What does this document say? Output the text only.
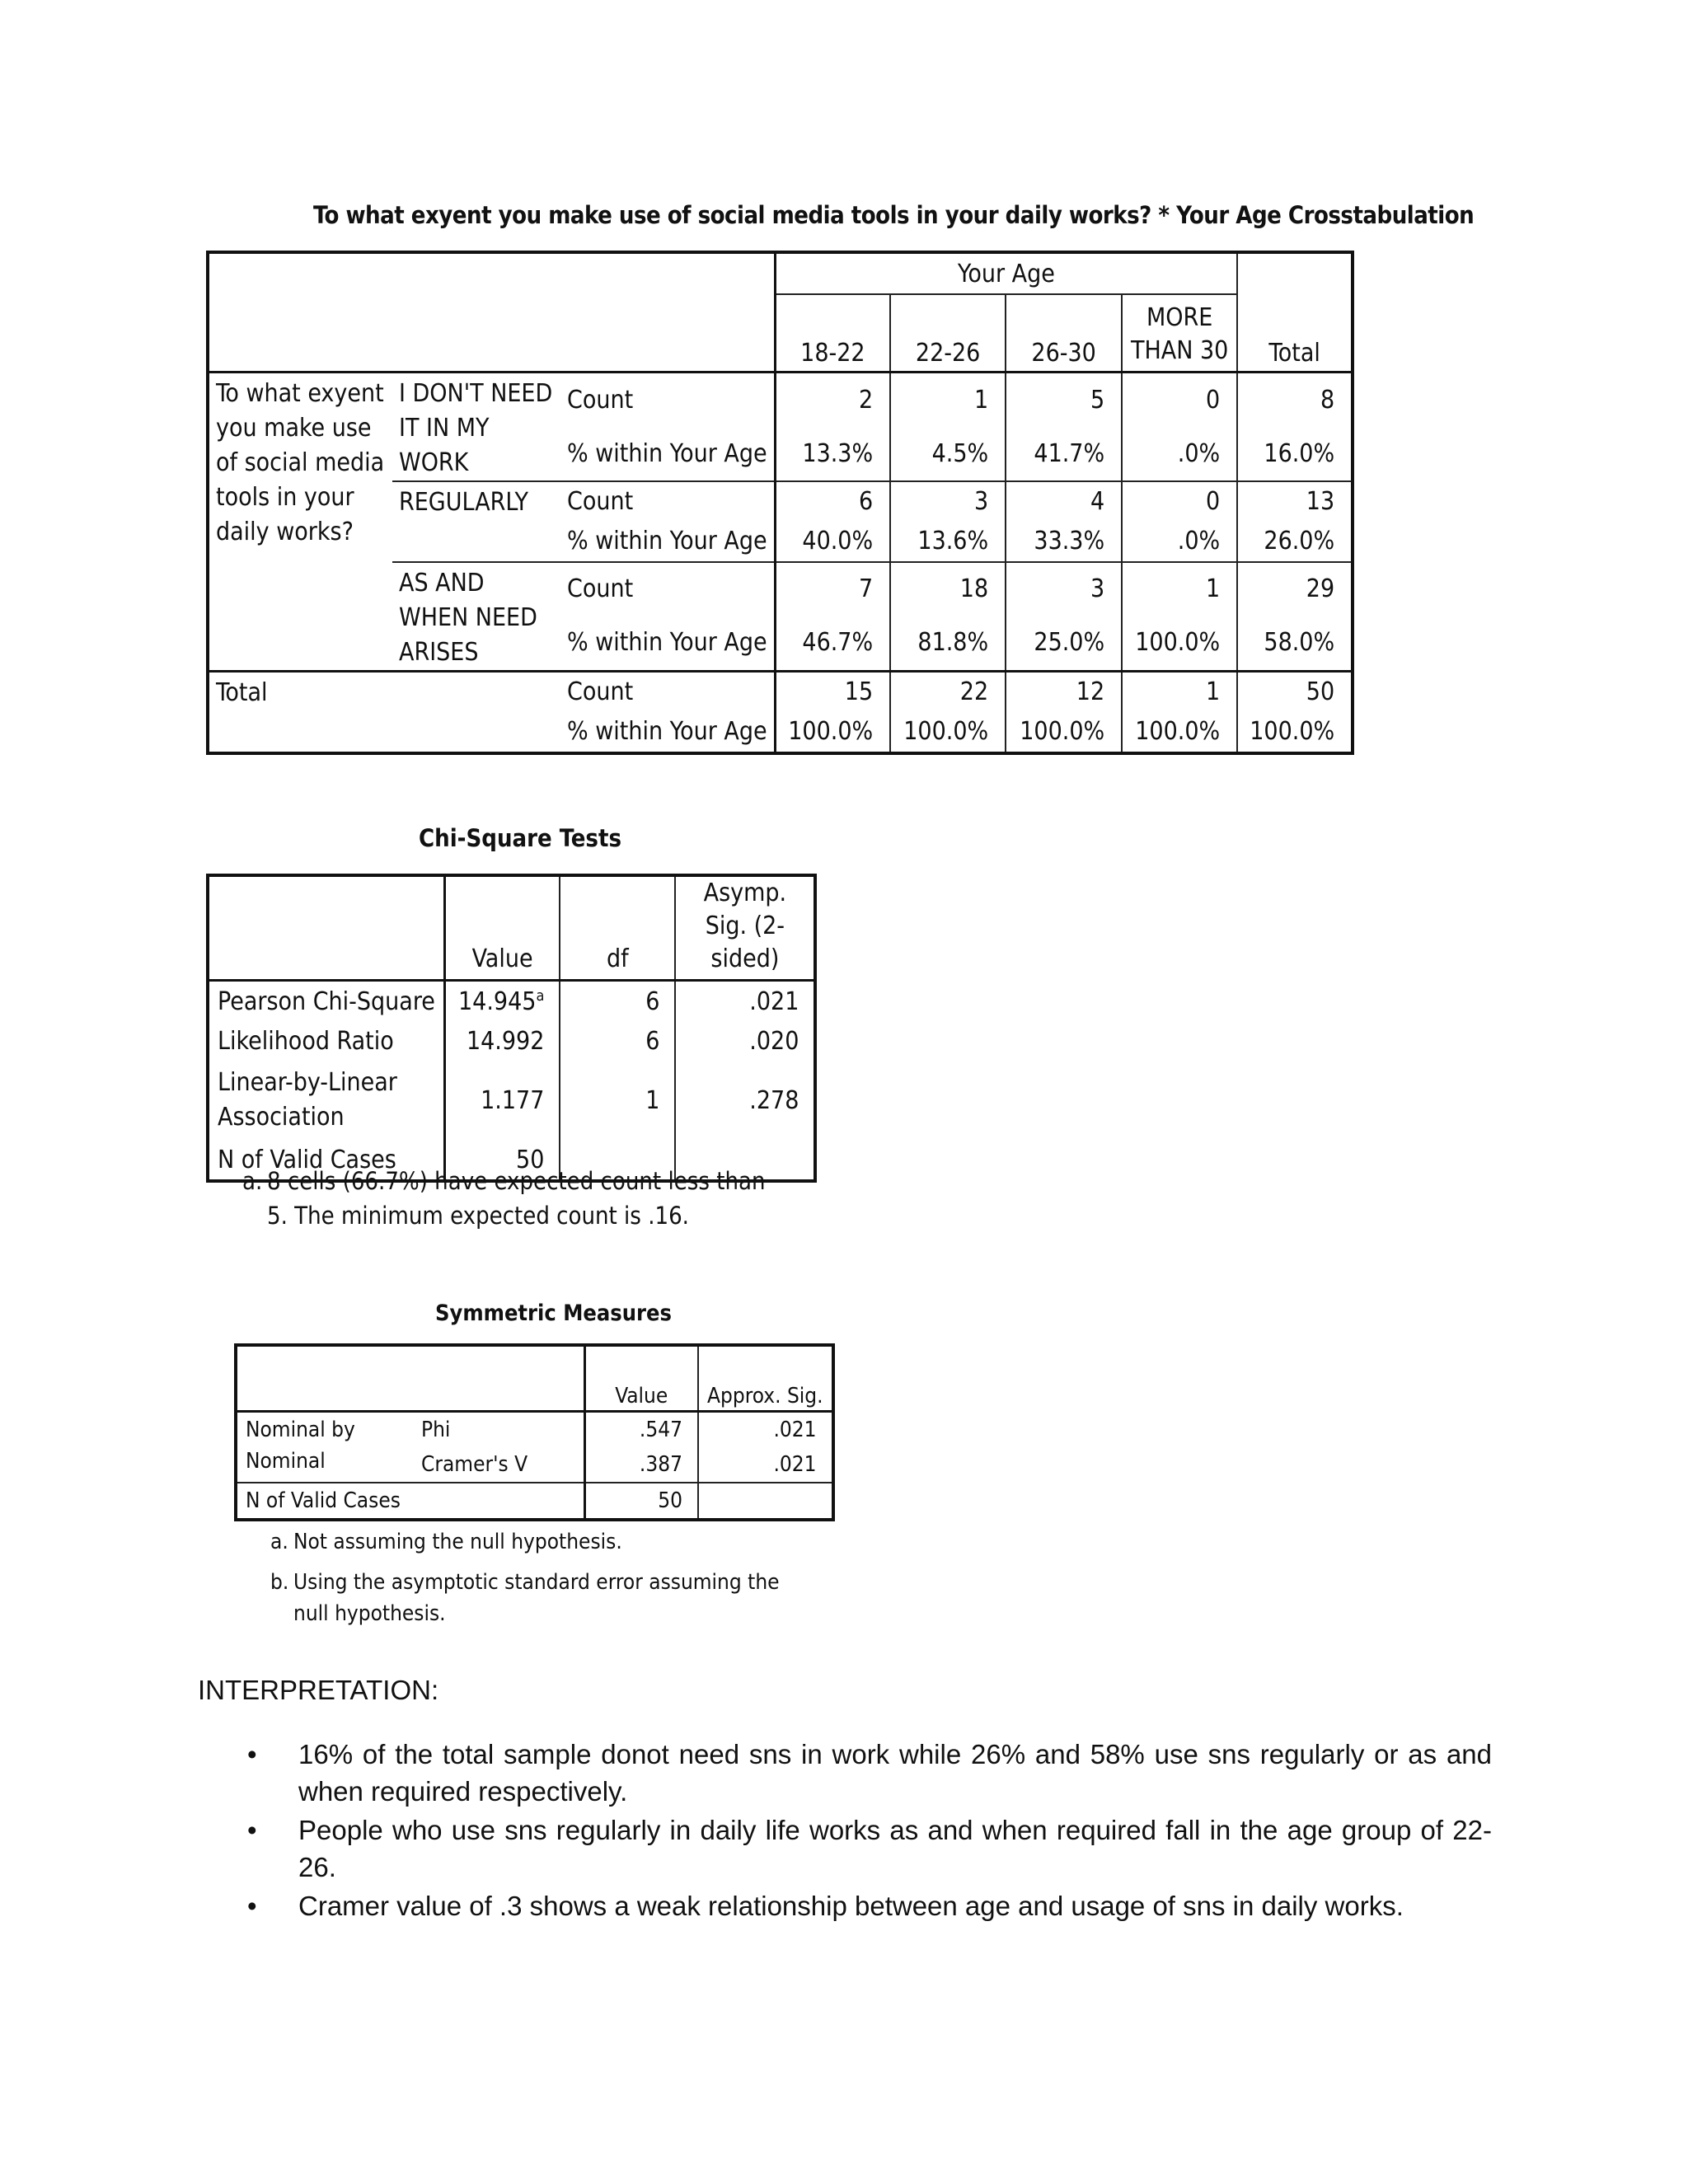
To what exyent you make use of social media tools in your daily works? * Your Age Crosstabulation
			Your Age				Total
			18-22	22-26	26-30	MORE THAN 30	
To what exyent you make use of social media tools in your daily works?	I DON'T NEED IT IN MY WORK	Count	2	1	5	0	8
		% within Your Age	13.3%	4.5%	41.7%	.0%	16.0%
	REGULARLY	Count	6	3	4	0	13
		% within Your Age	40.0%	13.6%	33.3%	.0%	26.0%
	AS AND WHEN NEED ARISES	Count	7	18	3	1	29
		% within Your Age	46.7%	81.8%	25.0%	100.0%	58.0%
Total		Count	15	22	12	1	50
		% within Your Age	100.0%	100.0%	100.0%	100.0%	100.0%
Chi-Square Tests
	Value	df	Asymp. Sig. (2-sided)
Pearson Chi-Square	14.945$^a$	6	.021
Likelihood Ratio	14.992	6	.020
Linear-by-Linear Association	1.177	1	.278
N of Valid Cases	50		
a. 8 cells (66.7%) have expected count less than 5. The minimum expected count is .16.
Symmetric Measures
		Value	Approx. Sig.
Nominal by Nominal	Phi	.547	.021
	Cramer's V	.387	.021
N of Valid Cases		50	
a. Not assuming the null hypothesis.
b. Using the asymptotic standard error assuming the null hypothesis.
INTERPRETATION:
• 16% of the total sample donot need sns in work while 26% and 58% use sns regularly or as and when required respectively.
• People who use sns regularly in daily life works as and when required fall in the age group of 22-26.
• Cramer value of .3 shows a weak relationship between age and usage of sns in daily works.
